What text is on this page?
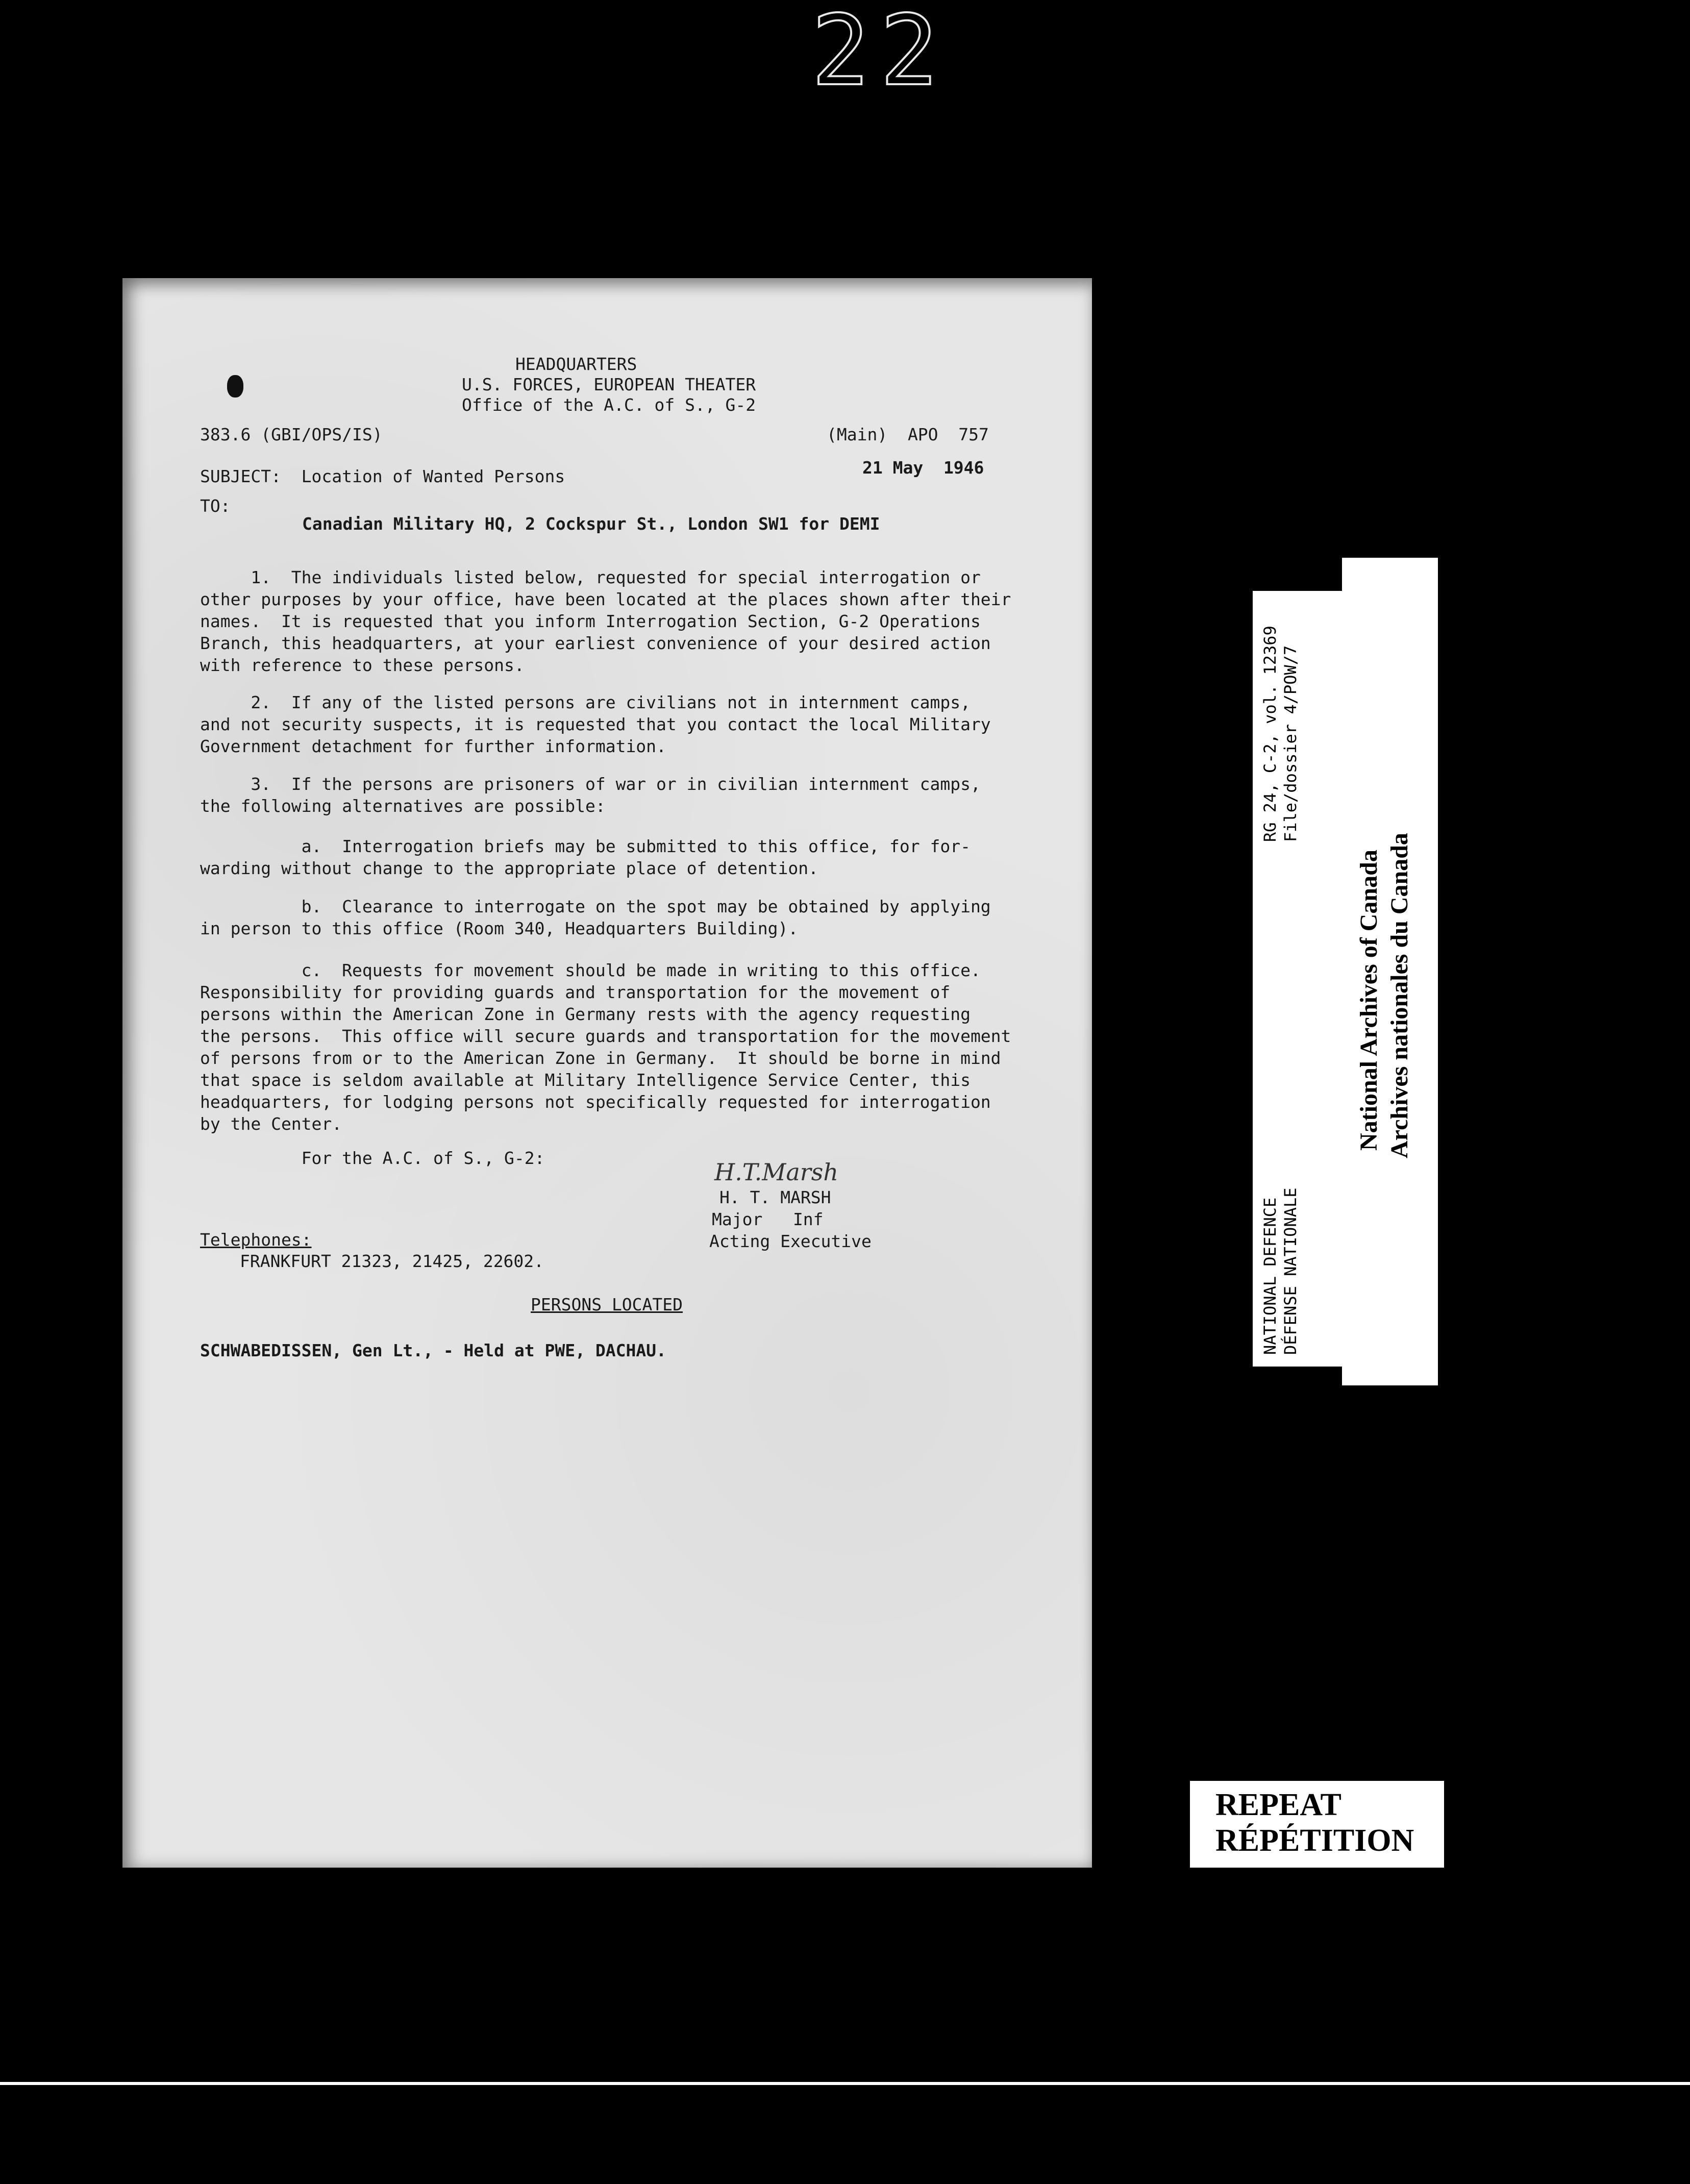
22
HEADQUARTERS
U.S. FORCES, EUROPEAN THEATER
Office of the A.C. of S., G-2
383.6 (GBI/OPS/IS)	(Main)  APO  757
21 May  1946
SUBJECT:  Location of Wanted Persons
TO:
Canadian Military HQ, 2 Cockspur St., London SW1 for DEMI
1.  The individuals listed below, requested for special interrogation or
other purposes by your office, have been located at the places shown after their
names.  It is requested that you inform Interrogation Section, G-2 Operations
Branch, this headquarters, at your earliest convenience of your desired action
with reference to these persons.
2.  If any of the listed persons are civilians not in internment camps,
and not security suspects, it is requested that you contact the local Military
Government detachment for further information.
3.  If the persons are prisoners of war or in civilian internment camps,
the following alternatives are possible:
a.  Interrogation briefs may be submitted to this office, for for-
warding without change to the appropriate place of detention.
b.  Clearance to interrogate on the spot may be obtained by applying
in person to this office (Room 340, Headquarters Building).
c.  Requests for movement should be made in writing to this office.
Responsibility for providing guards and transportation for the movement of
persons within the American Zone in Germany rests with the agency requesting
the persons.  This office will secure guards and transportation for the movement
of persons from or to the American Zone in Germany.  It should be borne in mind
that space is seldom available at Military Intelligence Service Center, this
headquarters, for lodging persons not specifically requested for interrogation
by the Center.
For the A.C. of S., G-2:
H.T.Marsh
H. T. MARSH
Major   Inf
Acting Executive
Telephones:
FRANKFURT 21323, 21425, 22602.
PERSONS LOCATED
SCHWABEDISSEN, Gen Lt., - Held at PWE, DACHAU.	NATIONAL DEFENCE DÉFENSE NATIONALE
RG 24, C-2, vol. 12369 File/dossier 4/POW/7
National Archives of Canada Archives nationales du Canada
REPEAT
RÉPÉTITION
